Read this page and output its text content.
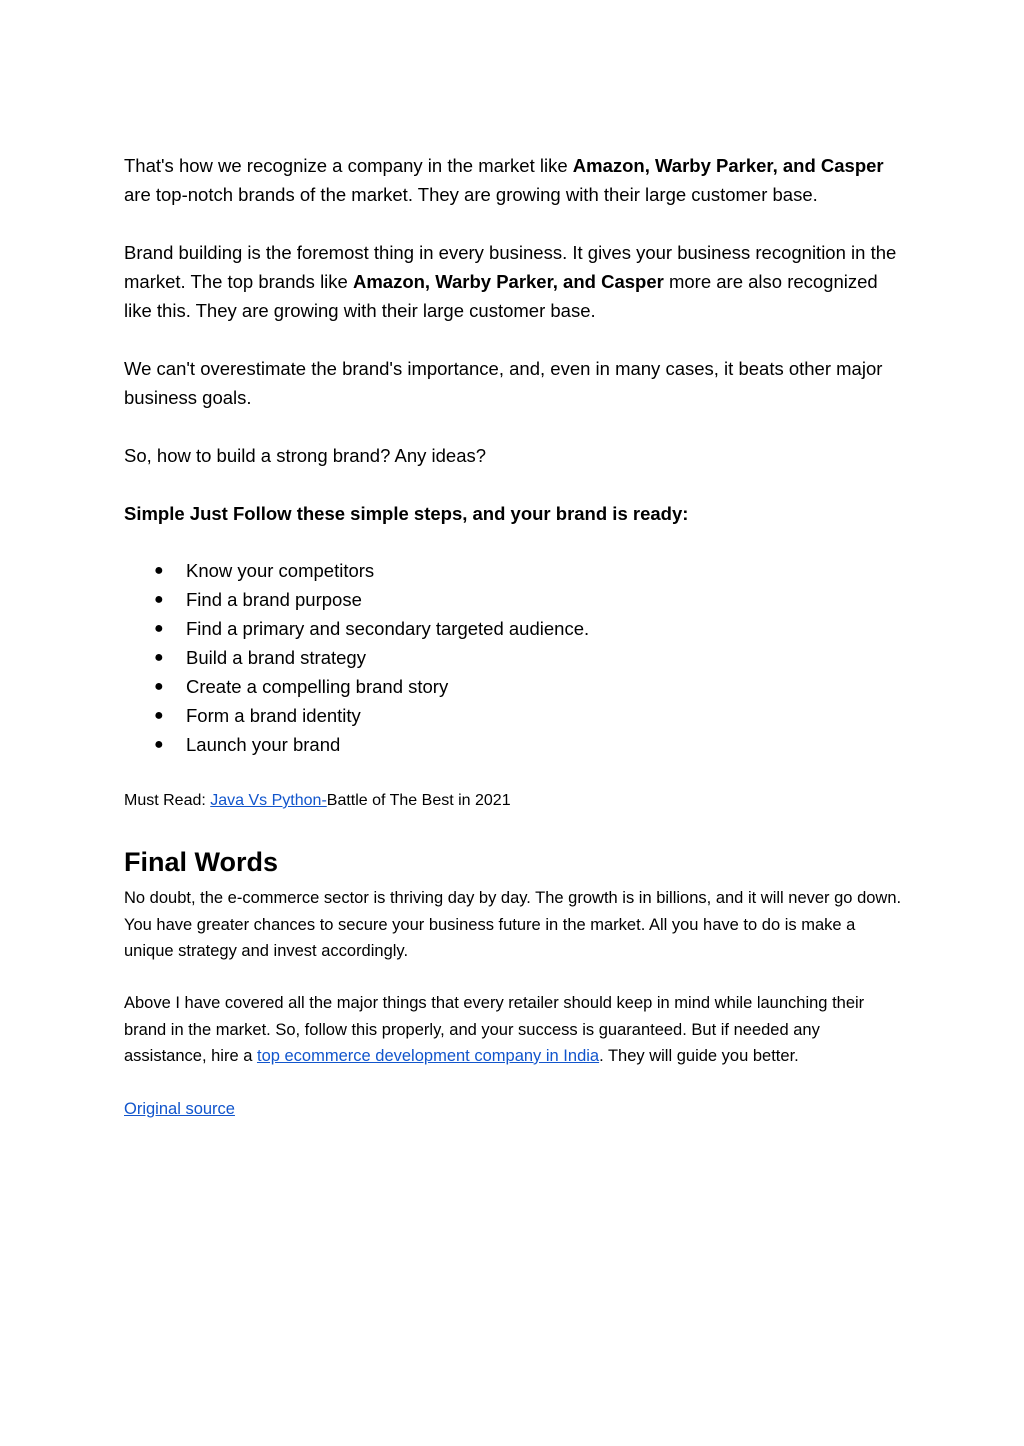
That's how we recognize a company in the market like Amazon, Warby Parker, and Casper are top-notch brands of the market. They are growing with their large customer base.

Brand building is the foremost thing in every business. It gives your business recognition in the market. The top brands like Amazon, Warby Parker, and Casper more are also recognized like this. They are growing with their large customer base.

We can't overestimate the brand's importance, and, even in many cases, it beats other major business goals.

So, how to build a strong brand? Any ideas?

Simple Just Follow these simple steps, and your brand is ready:

● Know your competitors
● Find a brand purpose
● Find a primary and secondary targeted audience.
● Build a brand strategy
● Create a compelling brand story
● Form a brand identity
● Launch your brand

Must Read: Java Vs Python-Battle of The Best in 2021

Final Words

No doubt, the e-commerce sector is thriving day by day. The growth is in billions, and it will never go down. You have greater chances to secure your business future in the market. All you have to do is make a unique strategy and invest accordingly.

Above I have covered all the major things that every retailer should keep in mind while launching their brand in the market. So, follow this properly, and your success is guaranteed. But if needed any assistance, hire a top ecommerce development company in India. They will guide you better.

Original source
